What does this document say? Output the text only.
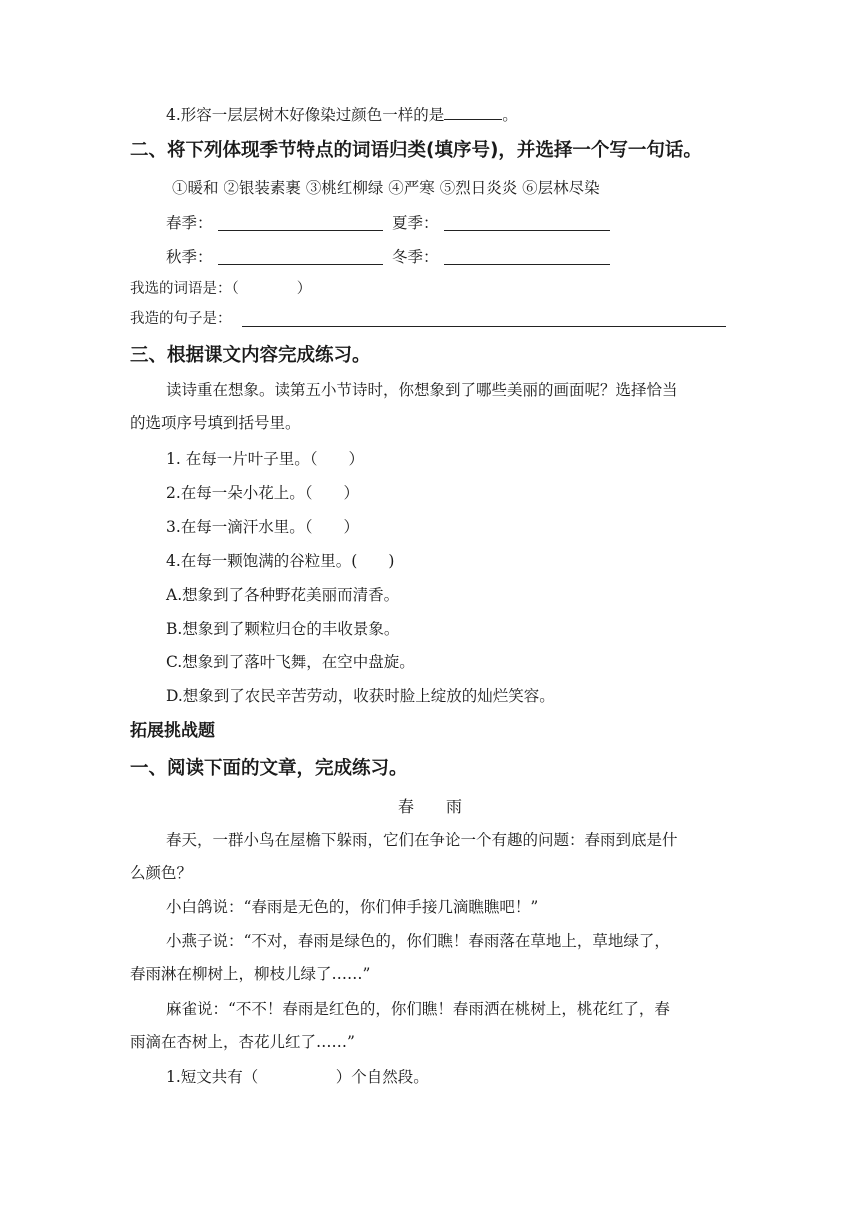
4.形容一层层树木好像染过颜色一样的是	。
二、将下列体现季节特点的词语归类(填序号)，并选择一个写一句话。
①暖和 ②银装素裹 ③桃红柳绿 ④严寒 ⑤烈日炎炎 ⑥层林尽染
春季：	夏季：
秋季：	冬季：
我选的词语是：（　　　　）
我造的句子是：
三、根据课文内容完成练习。
读诗重在想象。读第五小节诗时，你想象到了哪些美丽的画面呢？选择恰当
的选项序号填到括号里。
1. 在每一片叶子里。（　　）
2.在每一朵小花上。（　　）
3.在每一滴汗水里。（　　）
4.在每一颗饱满的谷粒里。(　　)
A.想象到了各种野花美丽而清香。
B.想象到了颗粒归仓的丰收景象。
C.想象到了落叶飞舞，在空中盘旋。
D.想象到了农民辛苦劳动，收获时脸上绽放的灿烂笑容。
拓展挑战题
一、阅读下面的文章，完成练习。
春　　雨
春天，一群小鸟在屋檐下躲雨，它们在争论一个有趣的问题：春雨到底是什
么颜色？
小白鸽说：“春雨是无色的，你们伸手接几滴瞧瞧吧！”
小燕子说：“不对，春雨是绿色的，你们瞧！春雨落在草地上，草地绿了，
春雨淋在柳树上，柳枝儿绿了……”
麻雀说：“不不！春雨是红色的，你们瞧！春雨洒在桃树上，桃花红了，春
雨滴在杏树上，杏花儿红了……”
1.短文共有（　　　　　）个自然段。
